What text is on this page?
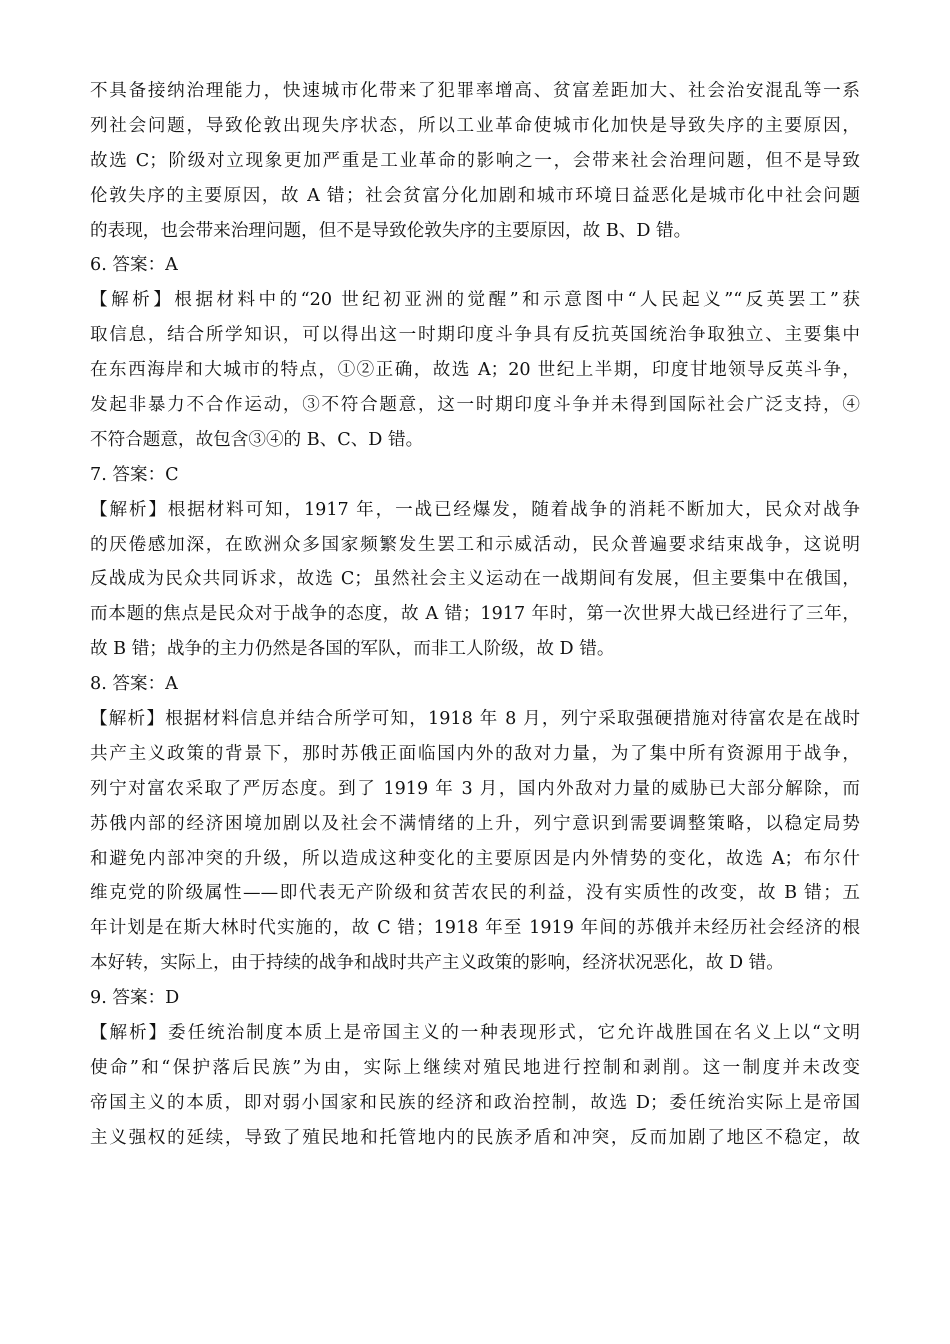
不具备接纳治理能力，快速城市化带来了犯罪率增高、贫富差距加大、社会治安混乱等一系
列社会问题，导致伦敦出现失序状态，所以工业革命使城市化加快是导致失序的主要原因，
故选 C；阶级对立现象更加严重是工业革命的影响之一，会带来社会治理问题，但不是导致
伦敦失序的主要原因，故 A 错；社会贫富分化加剧和城市环境日益恶化是城市化中社会问题
的表现，也会带来治理问题，但不是导致伦敦失序的主要原因，故 B、D 错。
6. 答案：A
【解析】根据材料中的“20 世纪初亚洲的觉醒”和示意图中“人民起义”“反英罢工”获
取信息，结合所学知识，可以得出这一时期印度斗争具有反抗英国统治争取独立、主要集中
在东西海岸和大城市的特点，①②正确，故选 A；20 世纪上半期，印度甘地领导反英斗争，
发起非暴力不合作运动，③不符合题意，这一时期印度斗争并未得到国际社会广泛支持，④
不符合题意，故包含③④的 B、C、D 错。
7. 答案：C
【解析】根据材料可知，1917 年，一战已经爆发，随着战争的消耗不断加大，民众对战争
的厌倦感加深，在欧洲众多国家频繁发生罢工和示威活动，民众普遍要求结束战争，这说明
反战成为民众共同诉求，故选 C；虽然社会主义运动在一战期间有发展，但主要集中在俄国，
而本题的焦点是民众对于战争的态度，故 A 错；1917 年时，第一次世界大战已经进行了三年，
故 B 错；战争的主力仍然是各国的军队，而非工人阶级，故 D 错。
8. 答案：A
【解析】根据材料信息并结合所学可知，1918 年 8 月，列宁采取强硬措施对待富农是在战时
共产主义政策的背景下，那时苏俄正面临国内外的敌对力量，为了集中所有资源用于战争，
列宁对富农采取了严厉态度。到了 1919 年 3 月，国内外敌对力量的威胁已大部分解除，而
苏俄内部的经济困境加剧以及社会不满情绪的上升，列宁意识到需要调整策略，以稳定局势
和避免内部冲突的升级，所以造成这种变化的主要原因是内外情势的变化，故选 A；布尔什
维克党的阶级属性——即代表无产阶级和贫苦农民的利益，没有实质性的改变，故 B 错；五
年计划是在斯大林时代实施的，故 C 错；1918 年至 1919 年间的苏俄并未经历社会经济的根
本好转，实际上，由于持续的战争和战时共产主义政策的影响，经济状况恶化，故 D 错。
9. 答案：D
【解析】委任统治制度本质上是帝国主义的一种表现形式，它允许战胜国在名义上以“文明
使命”和“保护落后民族”为由，实际上继续对殖民地进行控制和剥削。这一制度并未改变
帝国主义的本质，即对弱小国家和民族的经济和政治控制，故选 D；委任统治实际上是帝国
主义强权的延续，导致了殖民地和托管地内的民族矛盾和冲突，反而加剧了地区不稳定，故
